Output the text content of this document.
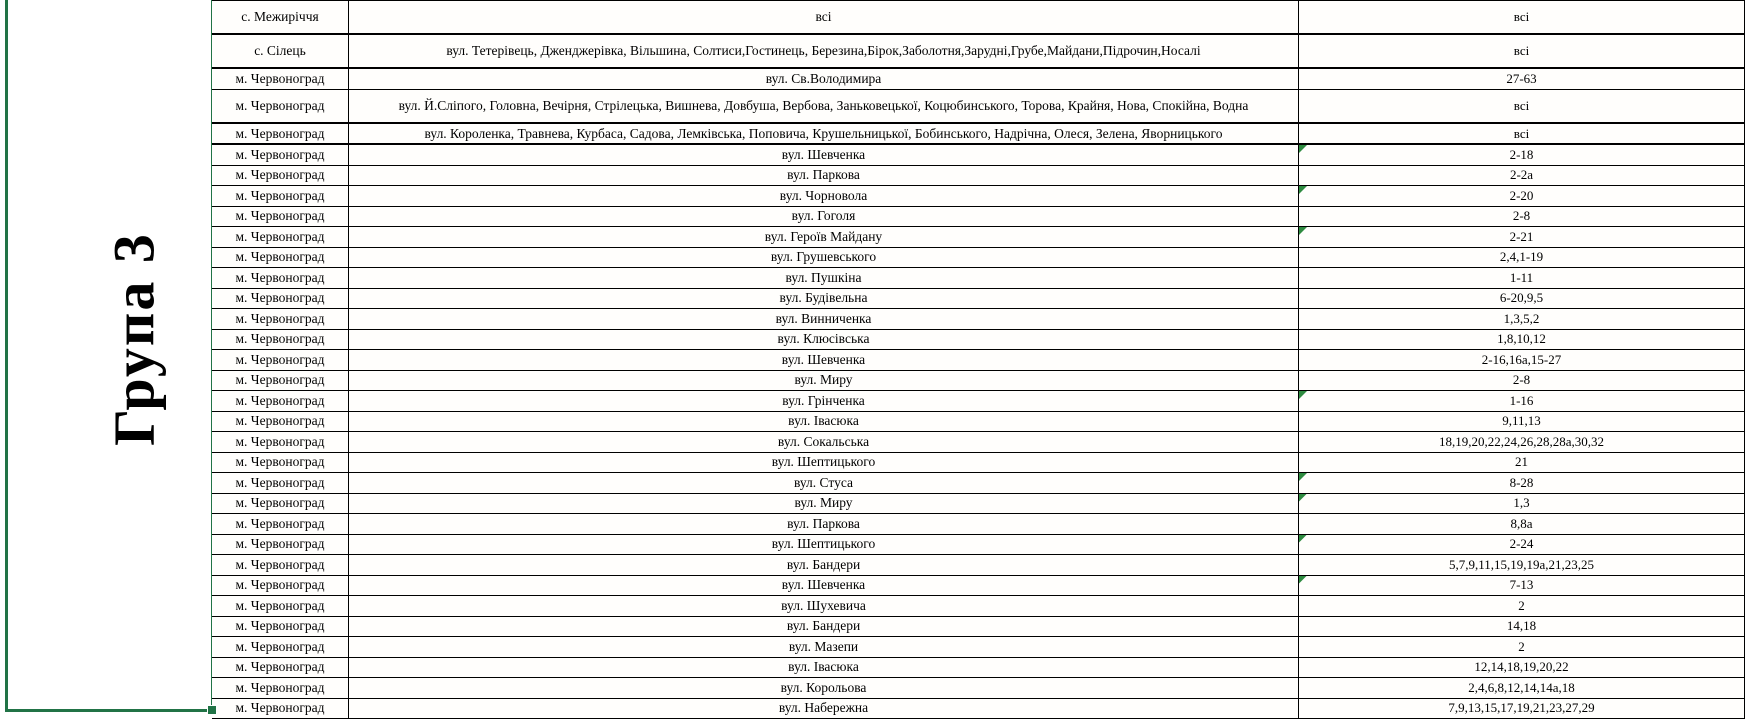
Група 3
с. Межиріччя	всі	всі
с. Сілець	вул. Тетерівець, Дженджерівка, Вільшина, Солтиси,Гостинець, Березина,Бірок,Заболотня,Зарудні,Грубе,Майдани,Підрочин,Носалі	всі
м. Червоноград	вул. Св.Володимира	27-63
м. Червоноград	вул. Й.Сліпого, Головна, Вечірня, Стрілецька, Вишнева, Довбуша, Вербова, Заньковецької, Коцюбинського, Торова, Крайня, Нова, Спокійна, Водна	всі
м. Червоноград	вул. Короленка, Травнева, Курбаса, Садова, Лемківська, Поповича, Крушельницької, Бобинського, Надрічна, Олеся, Зелена, Яворницького	всі
м. Червоноград	вул. Шевченка	2-18
м. Червоноград	вул. Паркова	2-2а
м. Червоноград	вул. Чорновола	2-20
м. Червоноград	вул. Гоголя	2-8
м. Червоноград	вул. Героїв Майдану	2-21
м. Червоноград	вул. Грушевського	2,4,1-19
м. Червоноград	вул. Пушкіна	1-11
м. Червоноград	вул. Будівельна	6-20,9,5
м. Червоноград	вул. Винниченка	1,3,5,2
м. Червоноград	вул. Клюсівська	1,8,10,12
м. Червоноград	вул. Шевченка	2-16,16а,15-27
м. Червоноград	вул. Миру	2-8
м. Червоноград	вул. Грінченка	1-16
м. Червоноград	вул. Івасюка	9,11,13
м. Червоноград	вул. Сокальська	18,19,20,22,24,26,28,28а,30,32
м. Червоноград	вул. Шептицького	21
м. Червоноград	вул. Стуса	8-28
м. Червоноград	вул. Миру	1,3
м. Червоноград	вул. Паркова	8,8а
м. Червоноград	вул. Шептицького	2-24
м. Червоноград	вул. Бандери	5,7,9,11,15,19,19а,21,23,25
м. Червоноград	вул. Шевченка	7-13
м. Червоноград	вул. Шухевича	2
м. Червоноград	вул. Бандери	14,18
м. Червоноград	вул. Мазепи	2
м. Червоноград	вул. Івасюка	12,14,18,19,20,22
м. Червоноград	вул. Корольова	2,4,6,8,12,14,14а,18
м. Червоноград	вул. Набережна	7,9,13,15,17,19,21,23,27,29
